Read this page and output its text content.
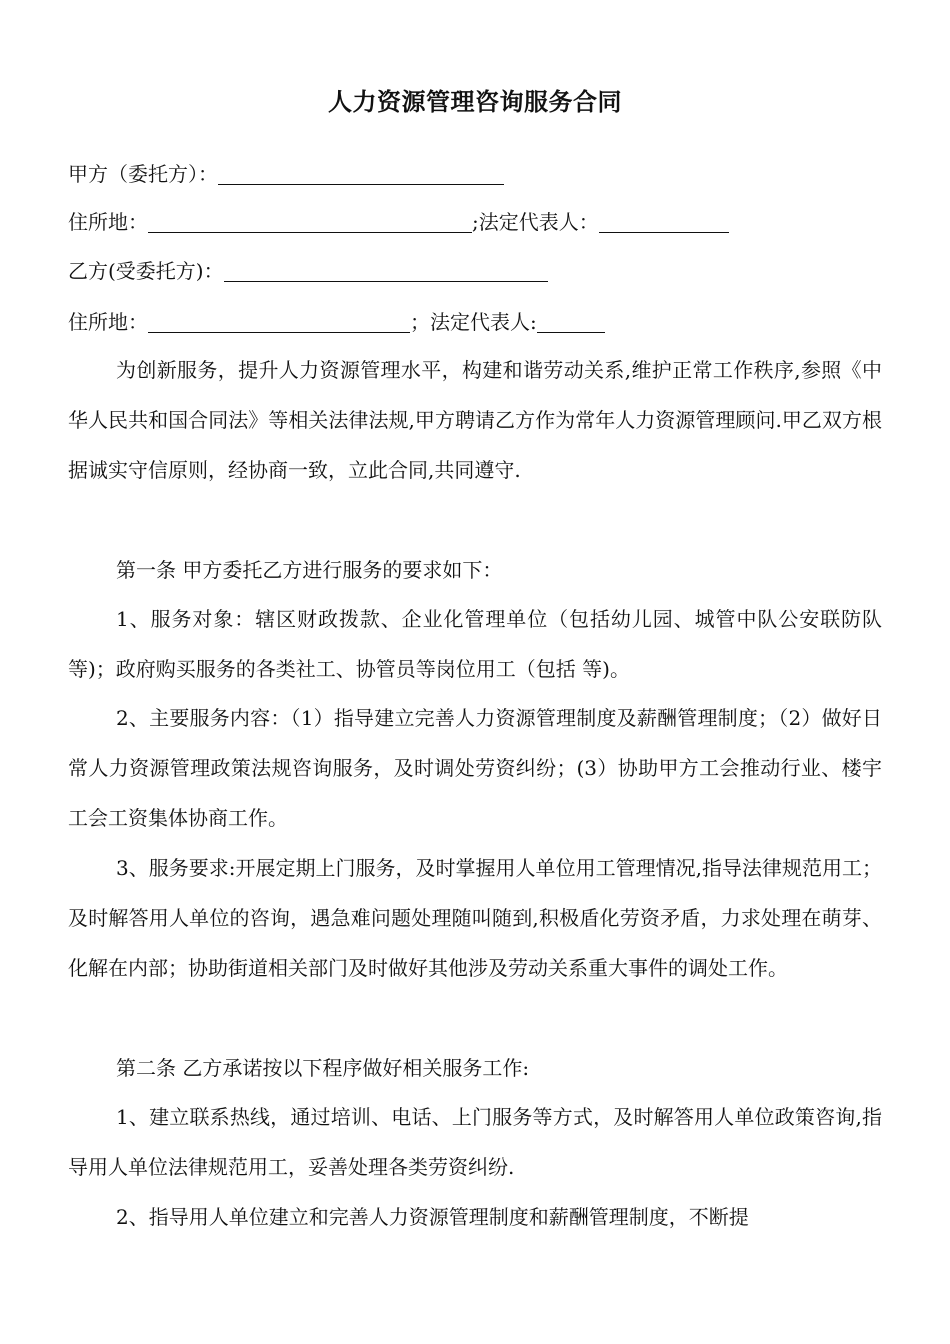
人力资源管理咨询服务合同
甲方（委托方）：
住所地：	;法定代表人：
乙方(受委托方)：
住所地：	；法定代表人:
为创新服务，提升人力资源管理水平，构建和谐劳动关系,维护正常工作秩序,参照《中华人民共和国合同法》等相关法律法规,甲方聘请乙方作为常年人力资源管理顾问.甲乙双方根据诚实守信原则，经协商一致，立此合同,共同遵守.
第一条 甲方委托乙方进行服务的要求如下：
1、服务对象：辖区财政拨款、企业化管理单位（包括幼儿园、城管中队公安联防队等)；政府购买服务的各类社工、协管员等岗位用工（包括 等)。
2、主要服务内容：（1）指导建立完善人力资源管理制度及薪酬管理制度；（2）做好日常人力资源管理政策法规咨询服务，及时调处劳资纠纷；(3）协助甲方工会推动行业、楼宇工会工资集体协商工作。
3、服务要求:开展定期上门服务，及时掌握用人单位用工管理情况,指导法律规范用工；及时解答用人单位的咨询，遇急难问题处理随叫随到,积极盾化劳资矛盾，力求处理在萌芽、化解在内部；协助街道相关部门及时做好其他涉及劳动关系重大事件的调处工作。
第二条 乙方承诺按以下程序做好相关服务工作:
1、建立联系热线，通过培训、电话、上门服务等方式，及时解答用人单位政策咨询,指导用人单位法律规范用工，妥善处理各类劳资纠纷.
2、指导用人单位建立和完善人力资源管理制度和薪酬管理制度，不断提
